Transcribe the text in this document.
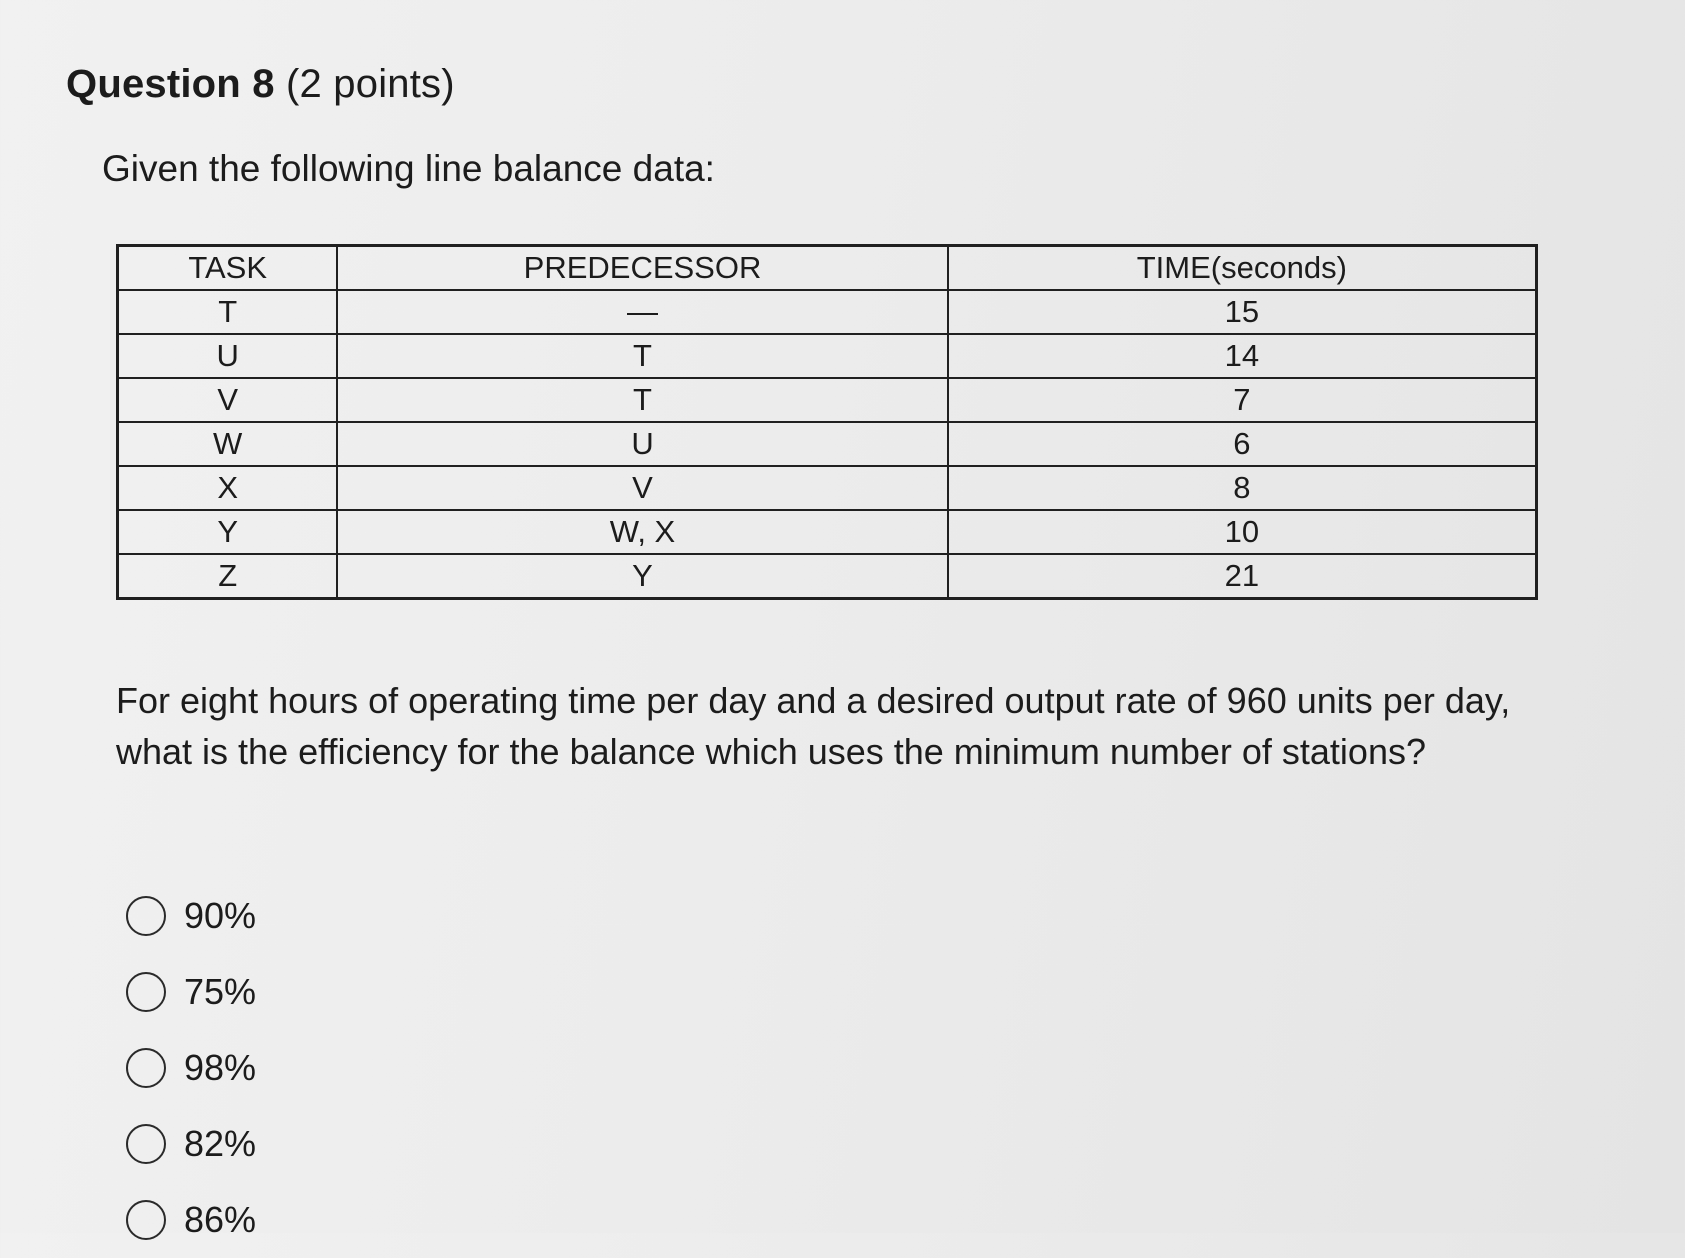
Question 8 (2 points)

Given the following line balance data:

TASK	PREDECESSOR	TIME(seconds)
T	—	15
U	T	14
V	T	7
W	U	6
X	V	8
Y	W, X	10
Z	Y	21

For eight hours of operating time per day and a desired output rate of 960 units per day, what is the efficiency for the balance which uses the minimum number of stations?

90%
75%
98%
82%
86%
